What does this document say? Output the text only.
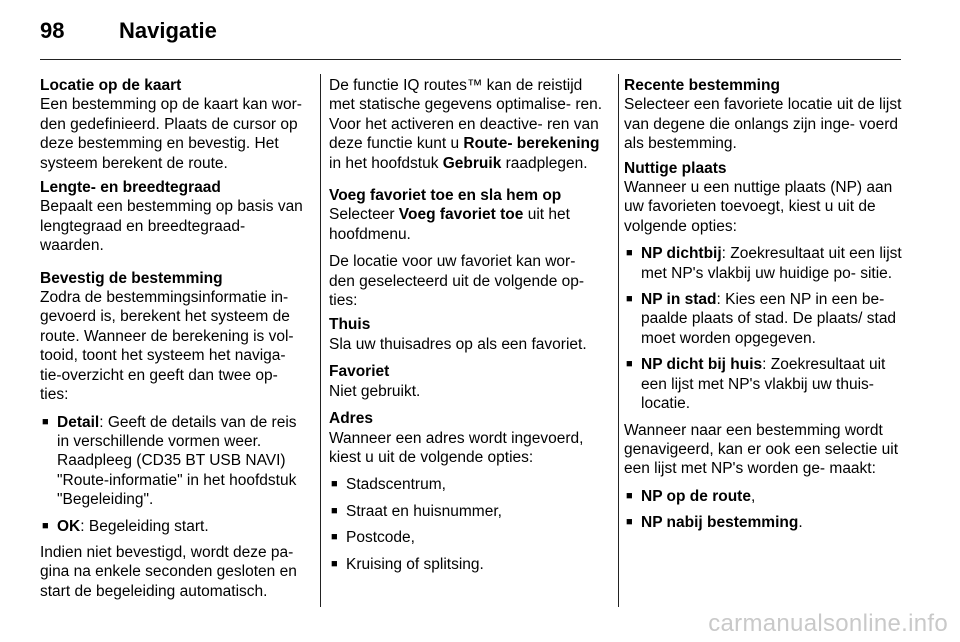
98 Navigatie
Locatie op de kaart
Een bestemming op de kaart kan wor- den gedefinieerd. Plaats de cursor op deze bestemming en bevestig. Het systeem berekent de route.
Lengte- en breedtegraad
Bepaalt een bestemming op basis van lengtegraad en breedtegraad- waarden.
Bevestig de bestemming
Zodra de bestemmingsinformatie in- gevoerd is, berekent het systeem de route. Wanneer de berekening is vol- tooid, toont het systeem het naviga- tie-overzicht en geeft dan twee op- ties:
■ Detail: Geeft de details van de reis in verschillende vormen weer. Raadpleeg (CD35 BT USB NAVI) "Route-informatie" in het hoofdstuk "Begeleiding".
■ OK: Begeleiding start.
Indien niet bevestigd, wordt deze pa- gina na enkele seconden gesloten en start de begeleiding automatisch.
De functie IQ routes™ kan de reistijd met statische gegevens optimalise- ren. Voor het activeren en deactive- ren van deze functie kunt u Route- berekening in het hoofdstuk Gebruik raadplegen.
Voeg favoriet toe en sla hem op
Selecteer Voeg favoriet toe uit het hoofdmenu.
De locatie voor uw favoriet kan wor- den geselecteerd uit de volgende op- ties:
Thuis
Sla uw thuisadres op als een favoriet.
Favoriet
Niet gebruikt.
Adres
Wanneer een adres wordt ingevoerd, kiest u uit de volgende opties:
■ Stadscentrum,
■ Straat en huisnummer,
■ Postcode,
■ Kruising of splitsing.
Recente bestemming
Selecteer een favoriete locatie uit de lijst van degene die onlangs zijn inge- voerd als bestemming.
Nuttige plaats
Wanneer u een nuttige plaats (NP) aan uw favorieten toevoegt, kiest u uit de volgende opties:
■ NP dichtbij: Zoekresultaat uit een lijst met NP's vlakbij uw huidige po- sitie.
■ NP in stad: Kies een NP in een be- paalde plaats of stad. De plaats/ stad moet worden opgegeven.
■ NP dicht bij huis: Zoekresultaat uit een lijst met NP's vlakbij uw thuis- locatie.
Wanneer naar een bestemming wordt genavigeerd, kan er ook een selectie uit een lijst met NP's worden ge- maakt:
■ NP op de route,
■ NP nabij bestemming.
carmanualsonline.info
